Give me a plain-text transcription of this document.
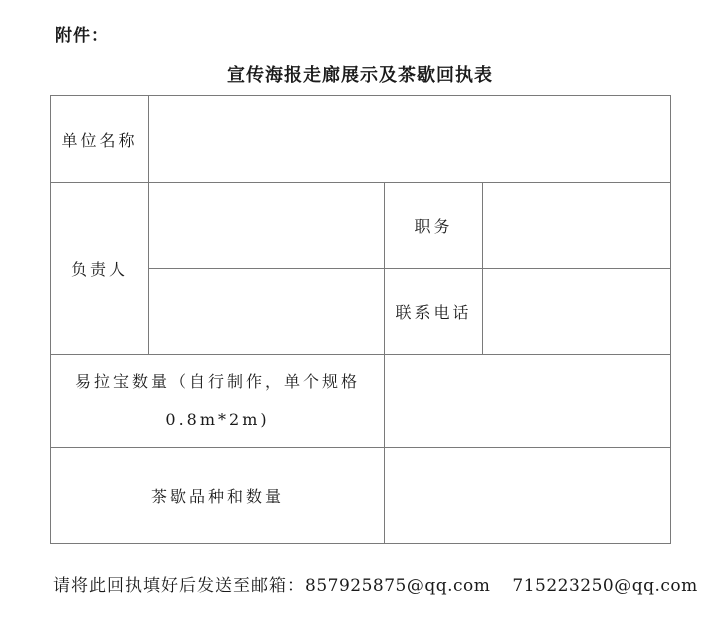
附件：
宣传海报走廊展示及茶歇回执表
单位名称			
负责人		职务	
		联系电话	

易拉宝数量（自行制作，单个规格
0.8m*2m)			

茶歇品种和数量			
请将此回执填好后发送至邮箱：857925875@qq.com 715223250@qq.com
